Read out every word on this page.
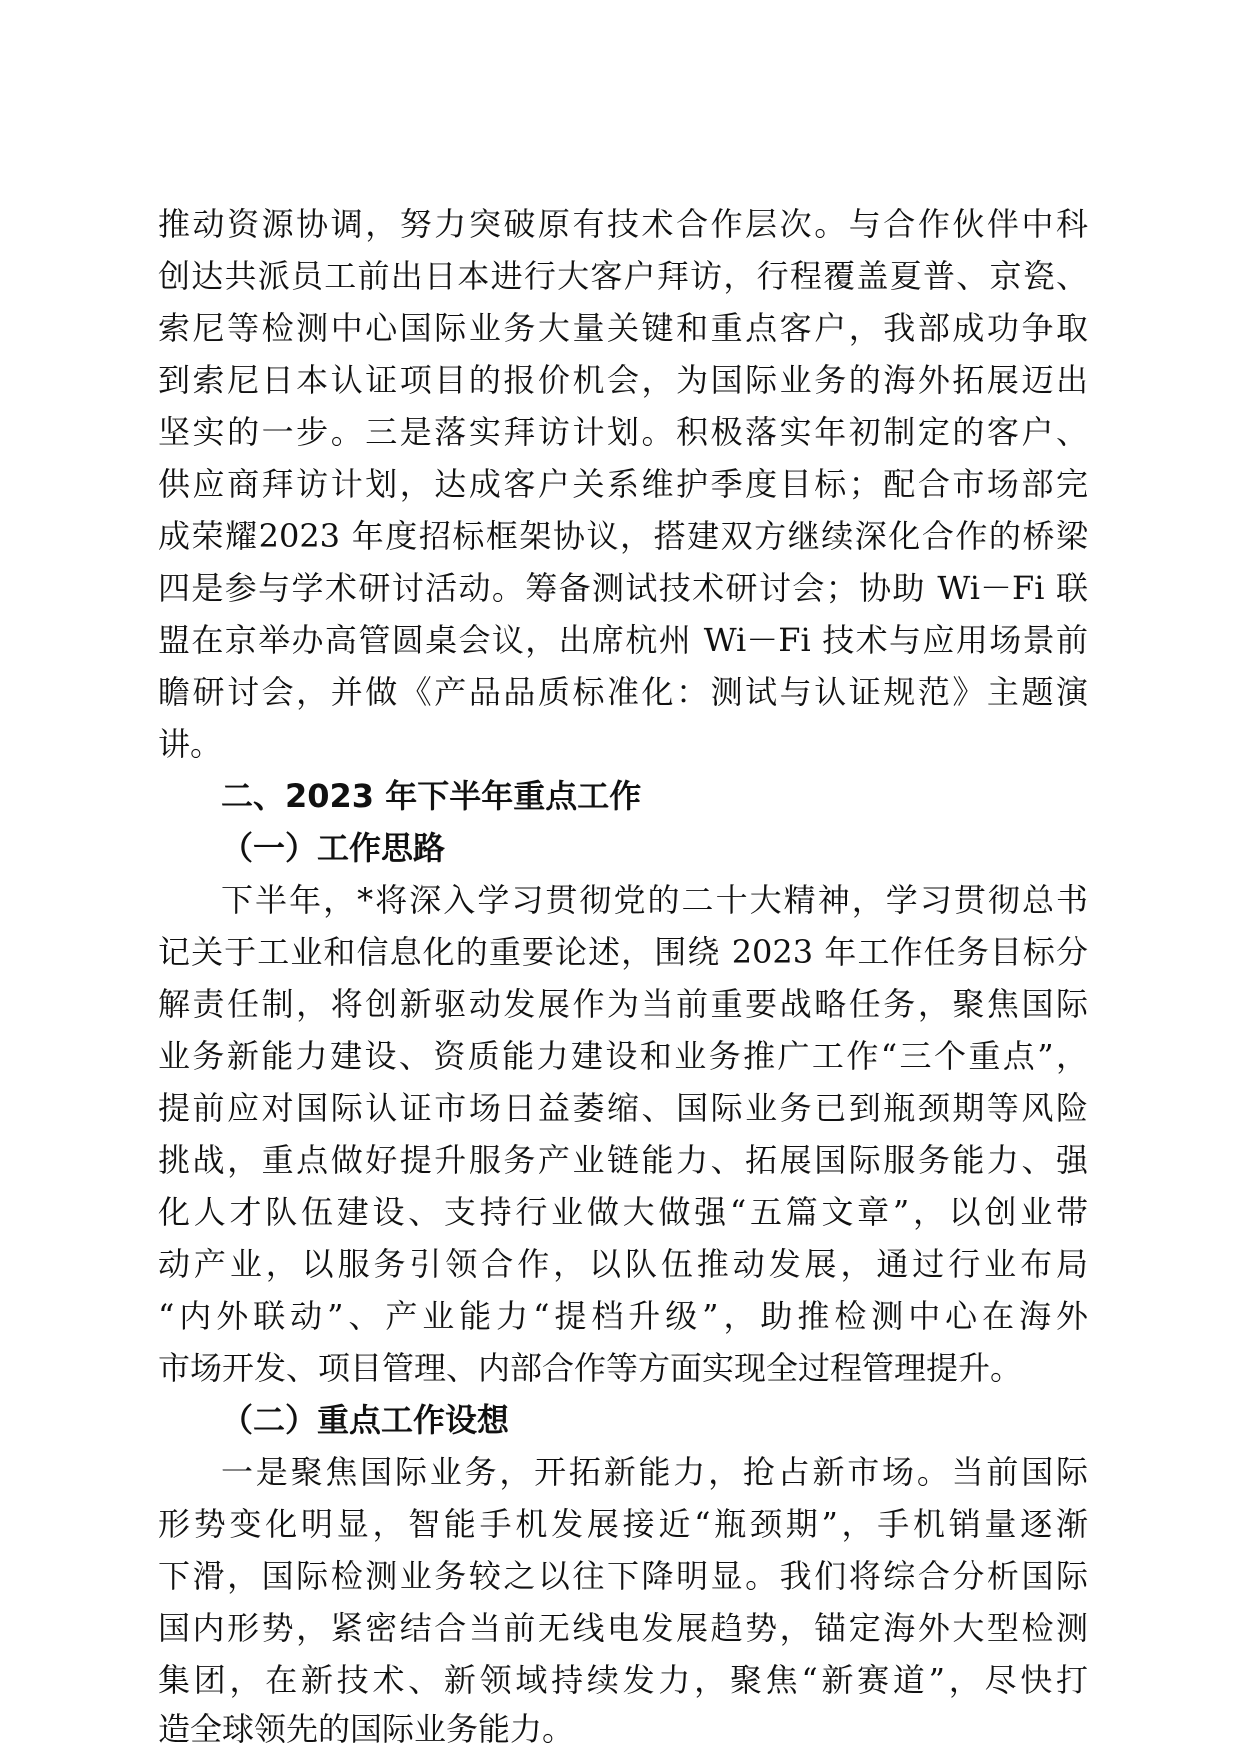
推动资源协调，努力突破原有技术合作层次。与合作伙伴中科
创达共派员工前出日本进行大客户拜访，行程覆盖夏普、京瓷、
索尼等检测中心国际业务大量关键和重点客户，我部成功争取
到索尼日本认证项目的报价机会，为国际业务的海外拓展迈出
坚实的一步。三是落实拜访计划。积极落实年初制定的客户、
供应商拜访计划，达成客户关系维护季度目标；配合市场部完
成荣耀2023 年度招标框架协议，搭建双方继续深化合作的桥梁
四是参与学术研讨活动。筹备测试技术研讨会；协助 Wi－Fi 联
盟在京举办高管圆桌会议，出席杭州 Wi－Fi 技术与应用场景前
瞻研讨会，并做《产品品质标准化：测试与认证规范》主题演
讲。
二、2023 年下半年重点工作
（一）工作思路
下半年，*将深入学习贯彻党的二十大精神，学习贯彻总书
记关于工业和信息化的重要论述，围绕 2023 年工作任务目标分
解责任制，将创新驱动发展作为当前重要战略任务，聚焦国际
业务新能力建设、资质能力建设和业务推广工作“三个重点”，
提前应对国际认证市场日益萎缩、国际业务已到瓶颈期等风险
挑战，重点做好提升服务产业链能力、拓展国际服务能力、强
化人才队伍建设、支持行业做大做强“五篇文章”，以创业带
动产业，以服务引领合作，以队伍推动发展，通过行业布局
“内外联动”、产业能力“提档升级”，助推检测中心在海外
市场开发、项目管理、内部合作等方面实现全过程管理提升。
（二）重点工作设想
一是聚焦国际业务，开拓新能力，抢占新市场。当前国际
形势变化明显，智能手机发展接近“瓶颈期”，手机销量逐渐
下滑，国际检测业务较之以往下降明显。我们将综合分析国际
国内形势，紧密结合当前无线电发展趋势，锚定海外大型检测
集团，在新技术、新领域持续发力，聚焦“新赛道”，尽快打
造全球领先的国际业务能力。
